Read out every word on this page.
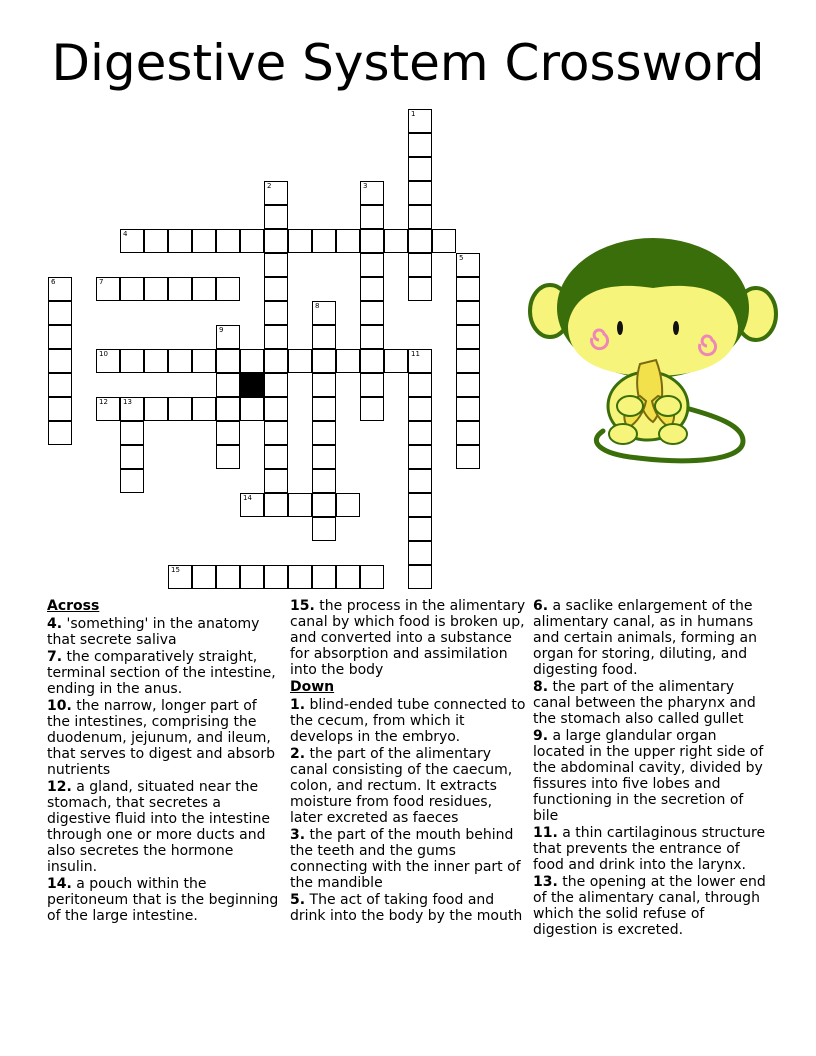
Digestive System Crossword
1
2	3
4
5
6	7
8
9
10	11
12 13
14
15
Across
4. 'something' in the anatomy that secrete saliva
7. the comparatively straight, terminal section of the intestine, ending in the anus.
10. the narrow, longer part of the intestines, comprising the duodenum, jejunum, and ileum, that serves to digest and absorb nutrients
12. a gland, situated near the stomach, that secretes a digestive fluid into the intestine through one or more ducts and also secretes the hormone insulin.
14. a pouch within the peritoneum that is the beginning of the large intestine.
15. the process in the alimentary canal by which food is broken up, and converted into a substance for absorption and assimilation into the body
Down
1. blind-ended tube connected to the cecum, from which it develops in the embryo.
2. the part of the alimentary canal consisting of the caecum, colon, and rectum. It extracts moisture from food residues, later excreted as faeces
3. the part of the mouth behind the teeth and the gums connecting with the inner part of the mandible
5. The act of taking food and drink into the body by the mouth
6. a saclike enlargement of the alimentary canal, as in humans and certain animals, forming an organ for storing, diluting, and digesting food.
8. the part of the alimentary canal between the pharynx and the stomach also called gullet
9. a large glandular organ located in the upper right side of the abdominal cavity, divided by fissures into five lobes and functioning in the secretion of bile
11. a thin cartilaginous structure that prevents the entrance of food and drink into the larynx.
13. the opening at the lower end of the alimentary canal, through which the solid refuse of digestion is excreted.
